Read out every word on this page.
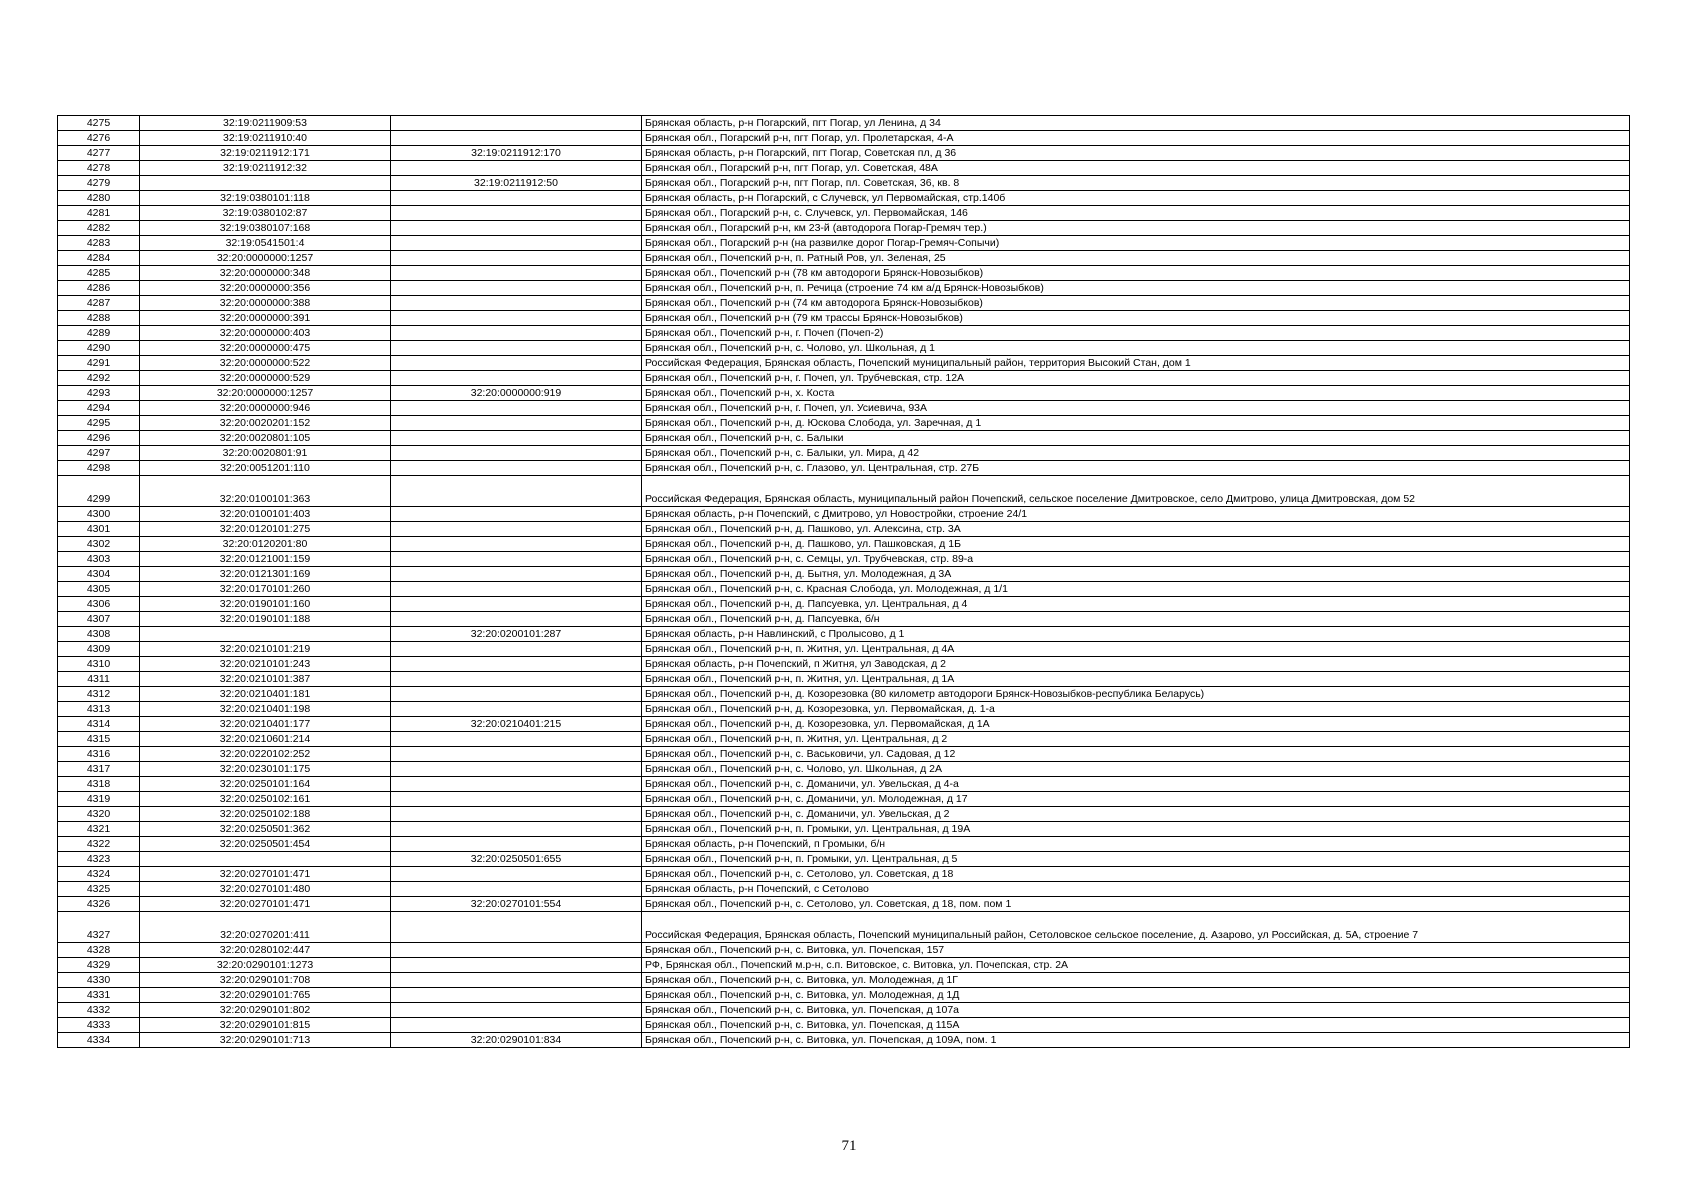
4275	32:19:0211909:53		Брянская область, р-н Погарский, пгт Погар, ул Ленина, д 34
4276	32:19:0211910:40		Брянская обл., Погарский р-н, пгт Погар, ул. Пролетарская, 4-А
4277	32:19:0211912:171	32:19:0211912:170	Брянская область, р-н Погарский, пгт Погар, Советская пл, д 36
4278	32:19:0211912:32		Брянская обл., Погарский р-н, пгт Погар, ул. Советская, 48А
4279		32:19:0211912:50	Брянская обл., Погарский р-н, пгт Погар, пл. Советская, 36, кв. 8
4280	32:19:0380101:118		Брянская область, р-н Погарский, с Случевск, ул Первомайская, стр.140б
4281	32:19:0380102:87		Брянская обл., Погарский р-н, с. Случевск, ул. Первомайская, 146
4282	32:19:0380107:168		Брянская обл., Погарский р-н, км 23-й (автодорога Погар-Гремяч тер.)
4283	32:19:0541501:4		Брянская обл., Погарский р-н (на развилке дорог Погар-Гремяч-Сопычи)
4284	32:20:0000000:1257		Брянская обл., Почепский р-н, п. Ратный Ров, ул. Зеленая, 25
4285	32:20:0000000:348		Брянская обл., Почепский р-н (78 км автодороги Брянск-Новозыбков)
4286	32:20:0000000:356		Брянская обл., Почепский р-н, п. Речица (строение 74 км а/д Брянск-Новозыбков)
4287	32:20:0000000:388		Брянская обл., Почепский р-н (74 км автодорога Брянск-Новозыбков)
4288	32:20:0000000:391		Брянская обл., Почепский р-н (79 км трассы Брянск-Новозыбков)
4289	32:20:0000000:403		Брянская обл., Почепский р-н, г. Почеп (Почеп-2)
4290	32:20:0000000:475		Брянская обл., Почепский р-н, с. Чолово, ул. Школьная, д 1
4291	32:20:0000000:522		Российская Федерация, Брянская область, Почепский муниципальный район, территория Высокий Стан, дом 1
4292	32:20:0000000:529		Брянская обл., Почепский р-н, г. Почеп, ул. Трубчевская, стр. 12А
4293	32:20:0000000:1257	32:20:0000000:919	Брянская обл., Почепский р-н, х. Коста
4294	32:20:0000000:946		Брянская обл., Почепский р-н, г. Почеп, ул. Усиевича, 93А
4295	32:20:0020201:152		Брянская обл., Почепский р-н, д. Юскова Слобода, ул. Заречная, д 1
4296	32:20:0020801:105		Брянская обл., Почепский р-н, с. Балыки
4297	32:20:0020801:91		Брянская обл., Почепский р-н, с. Балыки, ул. Мира, д 42
4298	32:20:0051201:110		Брянская обл., Почепский р-н, с. Глазово, ул. Центральная, стр. 27Б
4299	32:20:0100101:363		Российская Федерация, Брянская область, муниципальный район Почепский, сельское поселение Дмитровское, село Дмитрово, улица Дмитровская, дом 52
4300	32:20:0100101:403		Брянская область, р-н Почепский, с Дмитрово, ул Новостройки, строение 24/1
4301	32:20:0120101:275		Брянская обл., Почепский р-н, д. Пашково, ул. Алексина, стр. 3А
4302	32:20:0120201:80		Брянская обл., Почепский р-н, д. Пашково, ул. Пашковская, д 1Б
4303	32:20:0121001:159		Брянская обл., Почепский р-н, с. Семцы, ул. Трубчевская, стр. 89-а
4304	32:20:0121301:169		Брянская обл., Почепский р-н, д. Бытня, ул. Молодежная, д 3А
4305	32:20:0170101:260		Брянская обл., Почепский р-н, с. Красная Слобода, ул. Молодежная, д 1/1
4306	32:20:0190101:160		Брянская обл., Почепский р-н, д. Папсуевка, ул. Центральная, д 4
4307	32:20:0190101:188		Брянская обл., Почепский р-н, д. Папсуевка, б/н
4308		32:20:0200101:287	Брянская область, р-н Навлинский, с Пролысово, д 1
4309	32:20:0210101:219		Брянская обл., Почепский р-н, п. Житня, ул. Центральная, д 4А
4310	32:20:0210101:243		Брянская область, р-н Почепский, п Житня, ул Заводская, д 2
4311	32:20:0210101:387		Брянская обл., Почепский р-н, п. Житня, ул. Центральная, д 1А
4312	32:20:0210401:181		Брянская обл., Почепский р-н, д. Козорезовка (80 километр автодороги Брянск-Новозыбков-республика Беларусь)
4313	32:20:0210401:198		Брянская обл., Почепский р-н, д. Козорезовка, ул. Первомайская, д. 1-а
4314	32:20:0210401:177	32:20:0210401:215	Брянская обл., Почепский р-н, д. Козорезовка, ул. Первомайская, д 1А
4315	32:20:0210601:214		Брянская обл., Почепский р-н, п. Житня, ул. Центральная, д 2
4316	32:20:0220102:252		Брянская обл., Почепский р-н, с. Васьковичи, ул. Садовая, д 12
4317	32:20:0230101:175		Брянская обл., Почепский р-н, с. Чолово, ул. Школьная, д 2А
4318	32:20:0250101:164		Брянская обл., Почепский р-н, с. Доманичи, ул. Увельская, д 4-а
4319	32:20:0250102:161		Брянская обл., Почепский р-н, с. Доманичи, ул. Молодежная, д 17
4320	32:20:0250102:188		Брянская обл., Почепский р-н, с. Доманичи, ул. Увельская, д 2
4321	32:20:0250501:362		Брянская обл., Почепский р-н, п. Громыки, ул. Центральная, д 19А
4322	32:20:0250501:454		Брянская область, р-н Почепский, п Громыки, б/н
4323		32:20:0250501:655	Брянская обл., Почепский р-н, п. Громыки, ул. Центральная, д 5
4324	32:20:0270101:471		Брянская обл., Почепский р-н, с. Сетолово, ул. Советская, д 18
4325	32:20:0270101:480		Брянская область, р-н Почепский, с Сетолово
4326	32:20:0270101:471	32:20:0270101:554	Брянская обл., Почепский р-н, с. Сетолово, ул. Советская, д 18, пом. пом 1
4327	32:20:0270201:411		Российская Федерация, Брянская область, Почепский муниципальный район, Сетоловское сельское поселение, д. Азарово, ул Российская, д. 5А, строение 7
4328	32:20:0280102:447		Брянская обл., Почепский р-н, с. Витовка, ул. Почепская, 157
4329	32:20:0290101:1273		РФ, Брянская обл., Почепский м.р-н, с.п. Витовское, с. Витовка, ул. Почепская, стр. 2А
4330	32:20:0290101:708		Брянская обл., Почепский р-н, с. Витовка, ул. Молодежная, д 1Г
4331	32:20:0290101:765		Брянская обл., Почепский р-н, с. Витовка, ул. Молодежная, д 1Д
4332	32:20:0290101:802		Брянская обл., Почепский р-н, с. Витовка, ул. Почепская, д 107а
4333	32:20:0290101:815		Брянская обл., Почепский р-н, с. Витовка, ул. Почепская, д 115А
4334	32:20:0290101:713	32:20:0290101:834	Брянская обл., Почепский р-н, с. Витовка, ул. Почепская, д 109А, пом. 1
71
